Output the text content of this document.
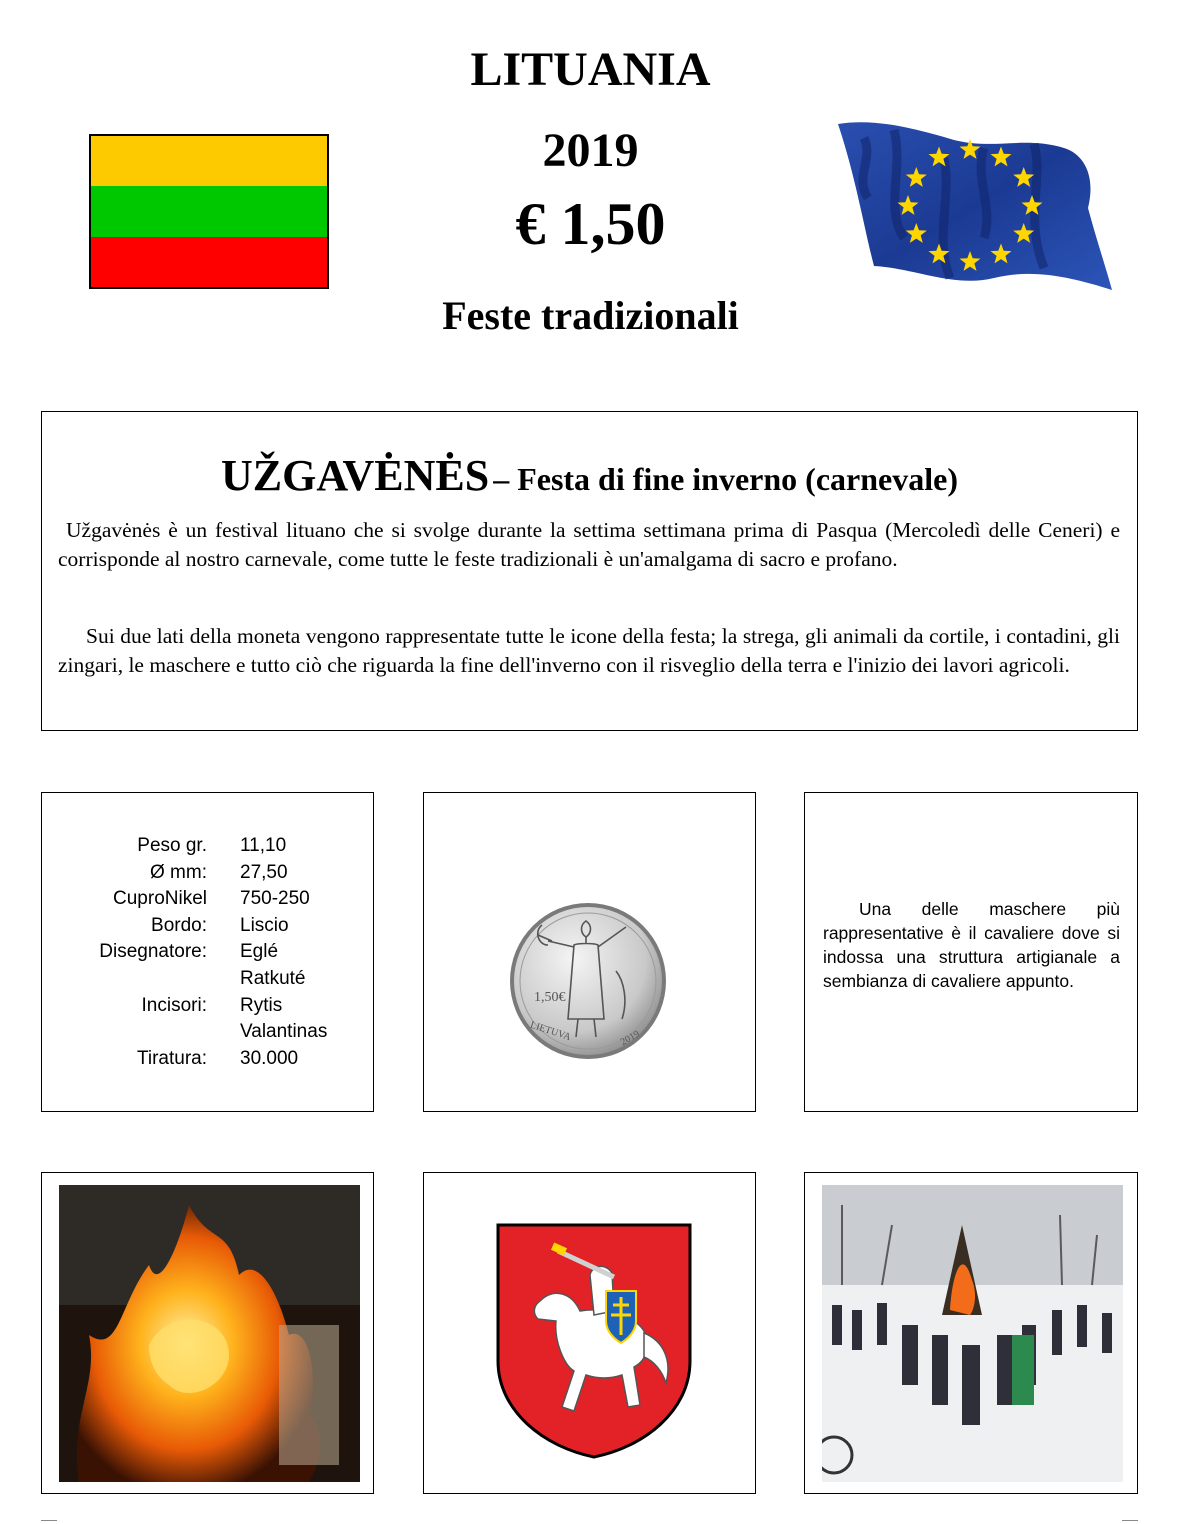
LITUANIA
2019
€ 1,50
Feste tradizionali
UŽGAVĖNĖS – Festa di fine inverno (carnevale)

Užgavėnės è un festival lituano che si svolge durante la settima settimana prima di Pasqua (Mercoledì delle Ceneri) e corrisponde al nostro carnevale, come tutte le feste tradizionali è un'amalgama di sacro e profano.

Sui due lati della moneta vengono rappresentate tutte le icone della festa; la strega, gli animali da cortile, i contadini, gli zingari, le maschere e tutto ciò che riguarda la fine dell'inverno con il risveglio della terra e l'inizio dei lavori agricoli.

Peso gr.	11,10
Ø mm:	27,50
CuproNikel	750-250
Bordo:	Liscio
Disegnatore:	Eglé
	Ratkuté
Incisori:	Rytis
	Valantinas
Tiratura:	30.000
1,50€
LIETUVA	2019

Una delle maschere più rappresentative è il cavaliere dove si indossa una struttura artigianale a sembianza di cavaliere appunto.
